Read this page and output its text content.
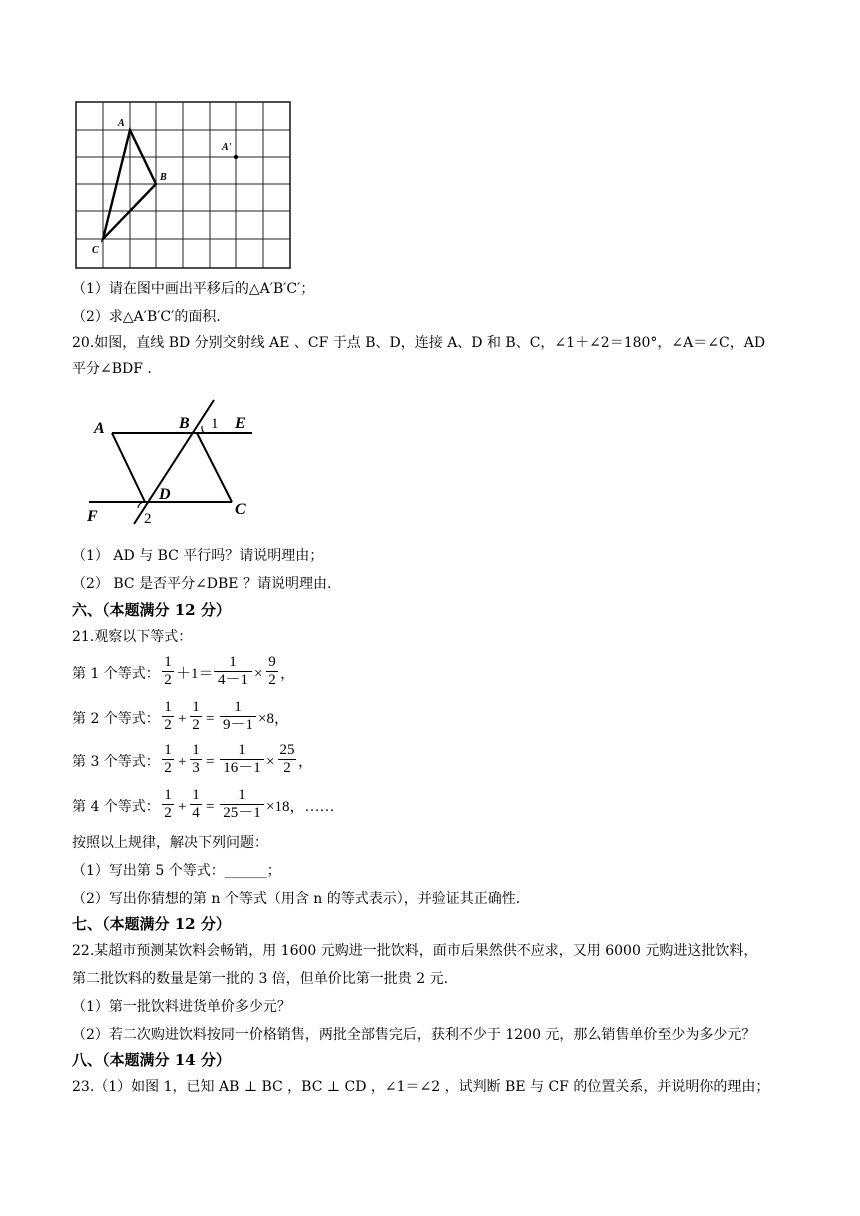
A
B
C
A'
（1）请在图中画出平移后的△A′B′C′；
（2）求△A′B′C′的面积.
20.如图，直线 BD 分别交射线 AE 、CF 于点 B、D，连接 A、D 和 B、C，∠1＋∠2＝180°，∠A＝∠C，AD
平分∠BDF .
A	B 1 E
D
F	2
C
（1） AD 与 BC 平行吗？请说明理由；
（2） BC 是否平分∠DBE ？请说明理由.
六、（本题满分 12 分）
21.观察以下等式：
第 1 个等式：
1
2 ＋1＝
1
4－1 ×
9
2 ，
第 2 个等式：
1
2 +
1
2 =
1
9－1 ×8，
第 3 个等式：
1
2 +
1
3 =
1
16－1 ×
25
2 ，
第 4 个等式：
1
2 +
1
4 =
1
25－1 ×18，……
按照以上规律，解决下列问题：
（1）写出第 5 个等式：______；
（2）写出你猜想的第 n 个等式（用含 n 的等式表示），并验证其正确性.
七、（本题满分 12 分）
22.某超市预测某饮料会畅销，用 1600 元购进一批饮料，面市后果然供不应求，又用 6000 元购进这批饮料，
第二批饮料的数量是第一批的 3 倍，但单价比第一批贵 2 元.
（1）第一批饮料进货单价多少元？
（2）若二次购进饮料按同一价格销售，两批全部售完后，获利不少于 1200 元，那么销售单价至少为多少元？
八、（本题满分 14 分）
23.（1）如图 1，已知 AB ⊥ BC ，BC ⊥ CD ，∠1＝∠2 ，试判断 BE 与 CF 的位置关系，并说明你的理由；
